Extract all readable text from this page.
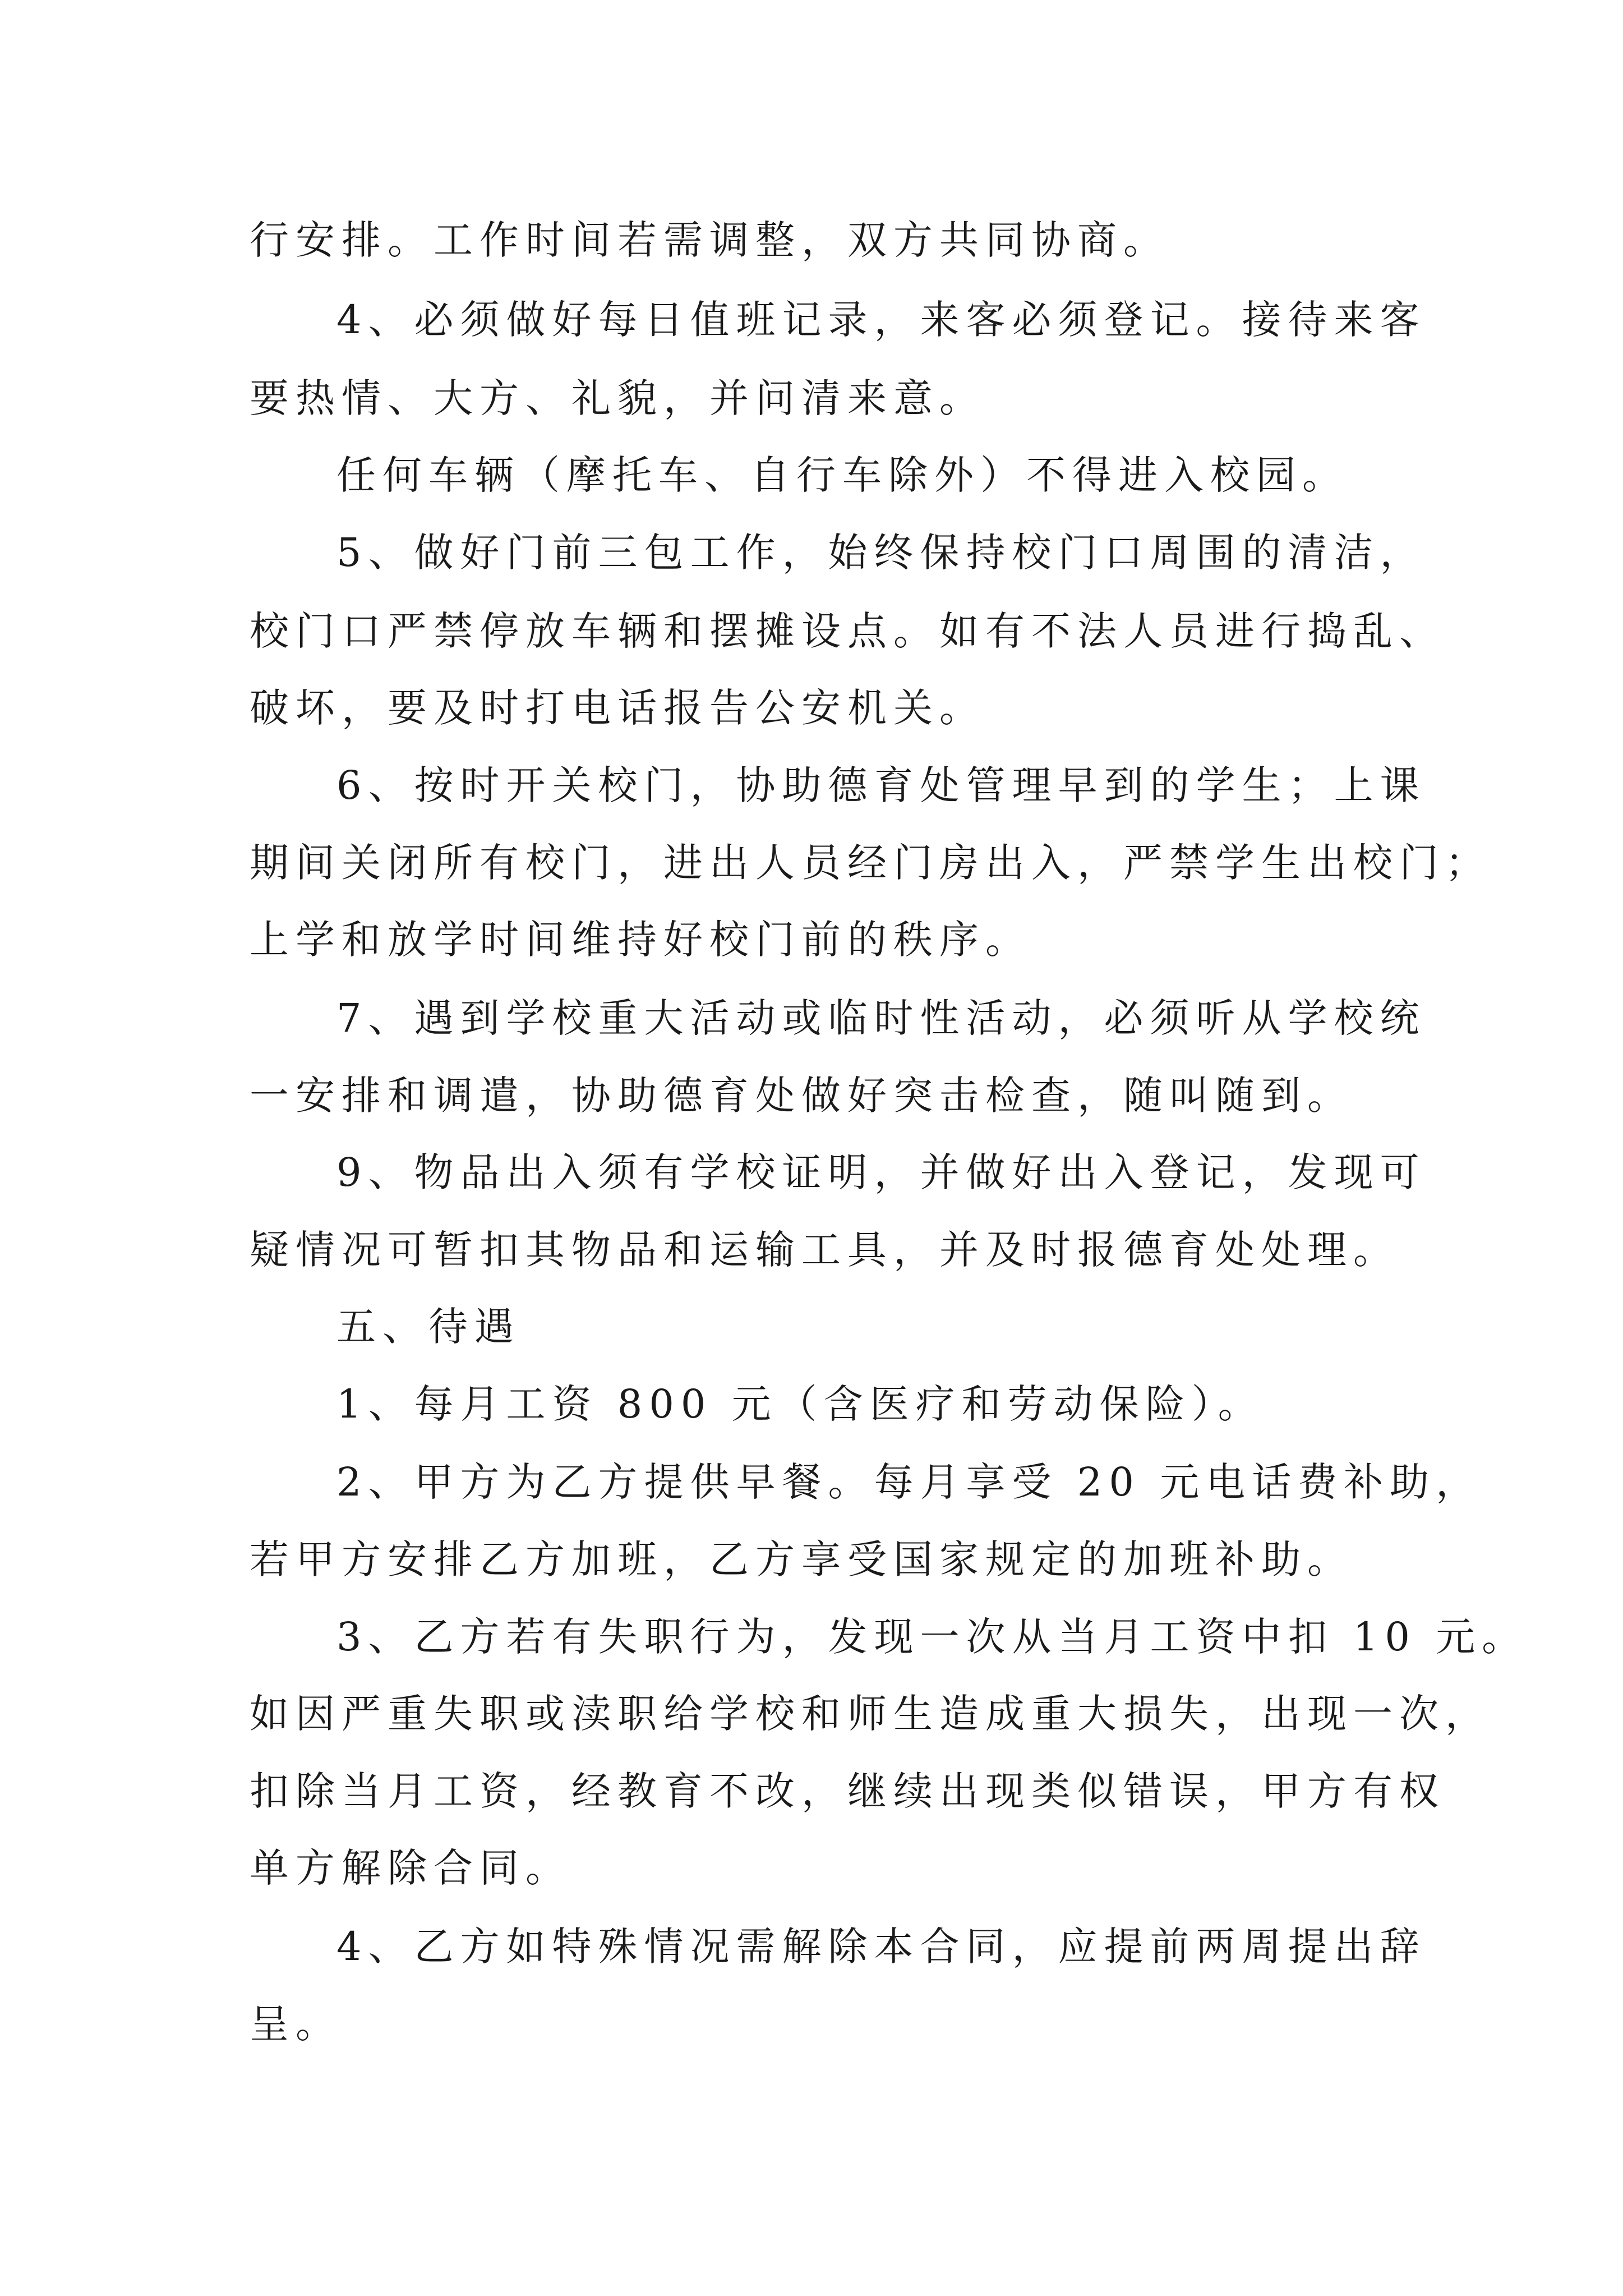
行安排。工作时间若需调整，双方共同协商。
4、必须做好每日值班记录，来客必须登记。接待来客
要热情、大方、礼貌，并问清来意。
任何车辆（摩托车、自行车除外）不得进入校园。
5、做好门前三包工作，始终保持校门口周围的清洁，
校门口严禁停放车辆和摆摊设点。如有不法人员进行捣乱、
破坏，要及时打电话报告公安机关。
6、按时开关校门，协助德育处管理早到的学生；上课
期间关闭所有校门，进出人员经门房出入，严禁学生出校门；
上学和放学时间维持好校门前的秩序。
7、遇到学校重大活动或临时性活动，必须听从学校统
一安排和调遣，协助德育处做好突击检查，随叫随到。
9、物品出入须有学校证明，并做好出入登记，发现可
疑情况可暂扣其物品和运输工具，并及时报德育处处理。
五、待遇
1、每月工资 800 元（含医疗和劳动保险）。
2、甲方为乙方提供早餐。每月享受 20 元电话费补助，
若甲方安排乙方加班，乙方享受国家规定的加班补助。
3、乙方若有失职行为，发现一次从当月工资中扣 10 元。
如因严重失职或渎职给学校和师生造成重大损失，出现一次，
扣除当月工资，经教育不改，继续出现类似错误，甲方有权
单方解除合同。
4、乙方如特殊情况需解除本合同，应提前两周提出辞
呈。
